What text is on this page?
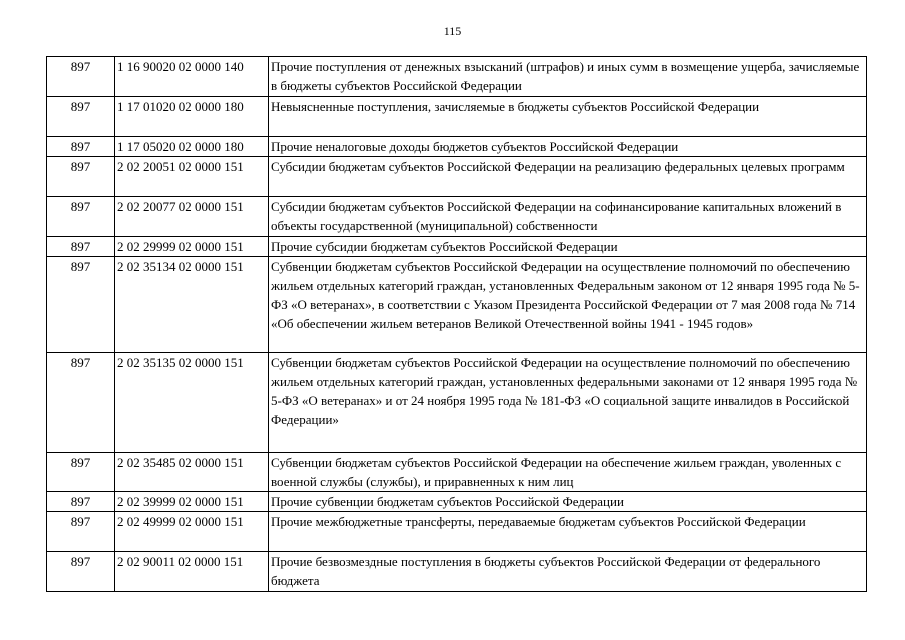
115
897	1 16 90020 02 0000 140	Прочие поступления от денежных взысканий (штрафов) и иных сумм в возмещение ущерба, зачисляемые в бюджеты субъектов Российской Федерации
897	1 17 01020 02 0000 180	Невыясненные поступления, зачисляемые в бюджеты субъектов Российской Федерации
897	1 17 05020 02 0000 180	Прочие неналоговые доходы бюджетов субъектов Российской Федерации
897	2 02 20051 02 0000 151	Субсидии бюджетам субъектов Российской Федерации на реализацию федеральных целевых программ
897	2 02 20077 02 0000 151	Субсидии бюджетам субъектов Российской Федерации на софинансирование капитальных вложений в объекты государственной (муниципальной) собственности
897	2 02 29999 02 0000 151	Прочие субсидии бюджетам субъектов Российской Федерации
897	2 02 35134 02 0000 151	Субвенции бюджетам субъектов Российской Федерации на осуществление полномочий по обеспечению жильем отдельных категорий граждан, установленных Федеральным законом от 12 января 1995 года № 5-ФЗ «О ветеранах», в соответствии с Указом Президента Российской Федерации от 7 мая 2008 года № 714 «Об обеспечении жильем ветеранов Великой Отечественной войны 1941 - 1945 годов»
897	2 02 35135 02 0000 151	Субвенции бюджетам субъектов Российской Федерации на осуществление полномочий по обеспечению жильем отдельных категорий граждан, установленных федеральными законами от 12 января 1995 года № 5-ФЗ «О ветеранах» и от 24 ноября 1995 года № 181-ФЗ «О социальной защите инвалидов в Российской Федерации»
897	2 02 35485 02 0000 151	Субвенции бюджетам субъектов Российской Федерации на обеспечение жильем граждан, уволенных с военной службы (службы), и приравненных к ним лиц
897	2 02 39999 02 0000 151	Прочие субвенции бюджетам субъектов Российской Федерации
897	2 02 49999 02 0000 151	Прочие межбюджетные трансферты, передаваемые бюджетам субъектов Российской Федерации
897	2 02 90011 02 0000 151	Прочие безвозмездные поступления в бюджеты субъектов Российской Федерации от федерального бюджета
